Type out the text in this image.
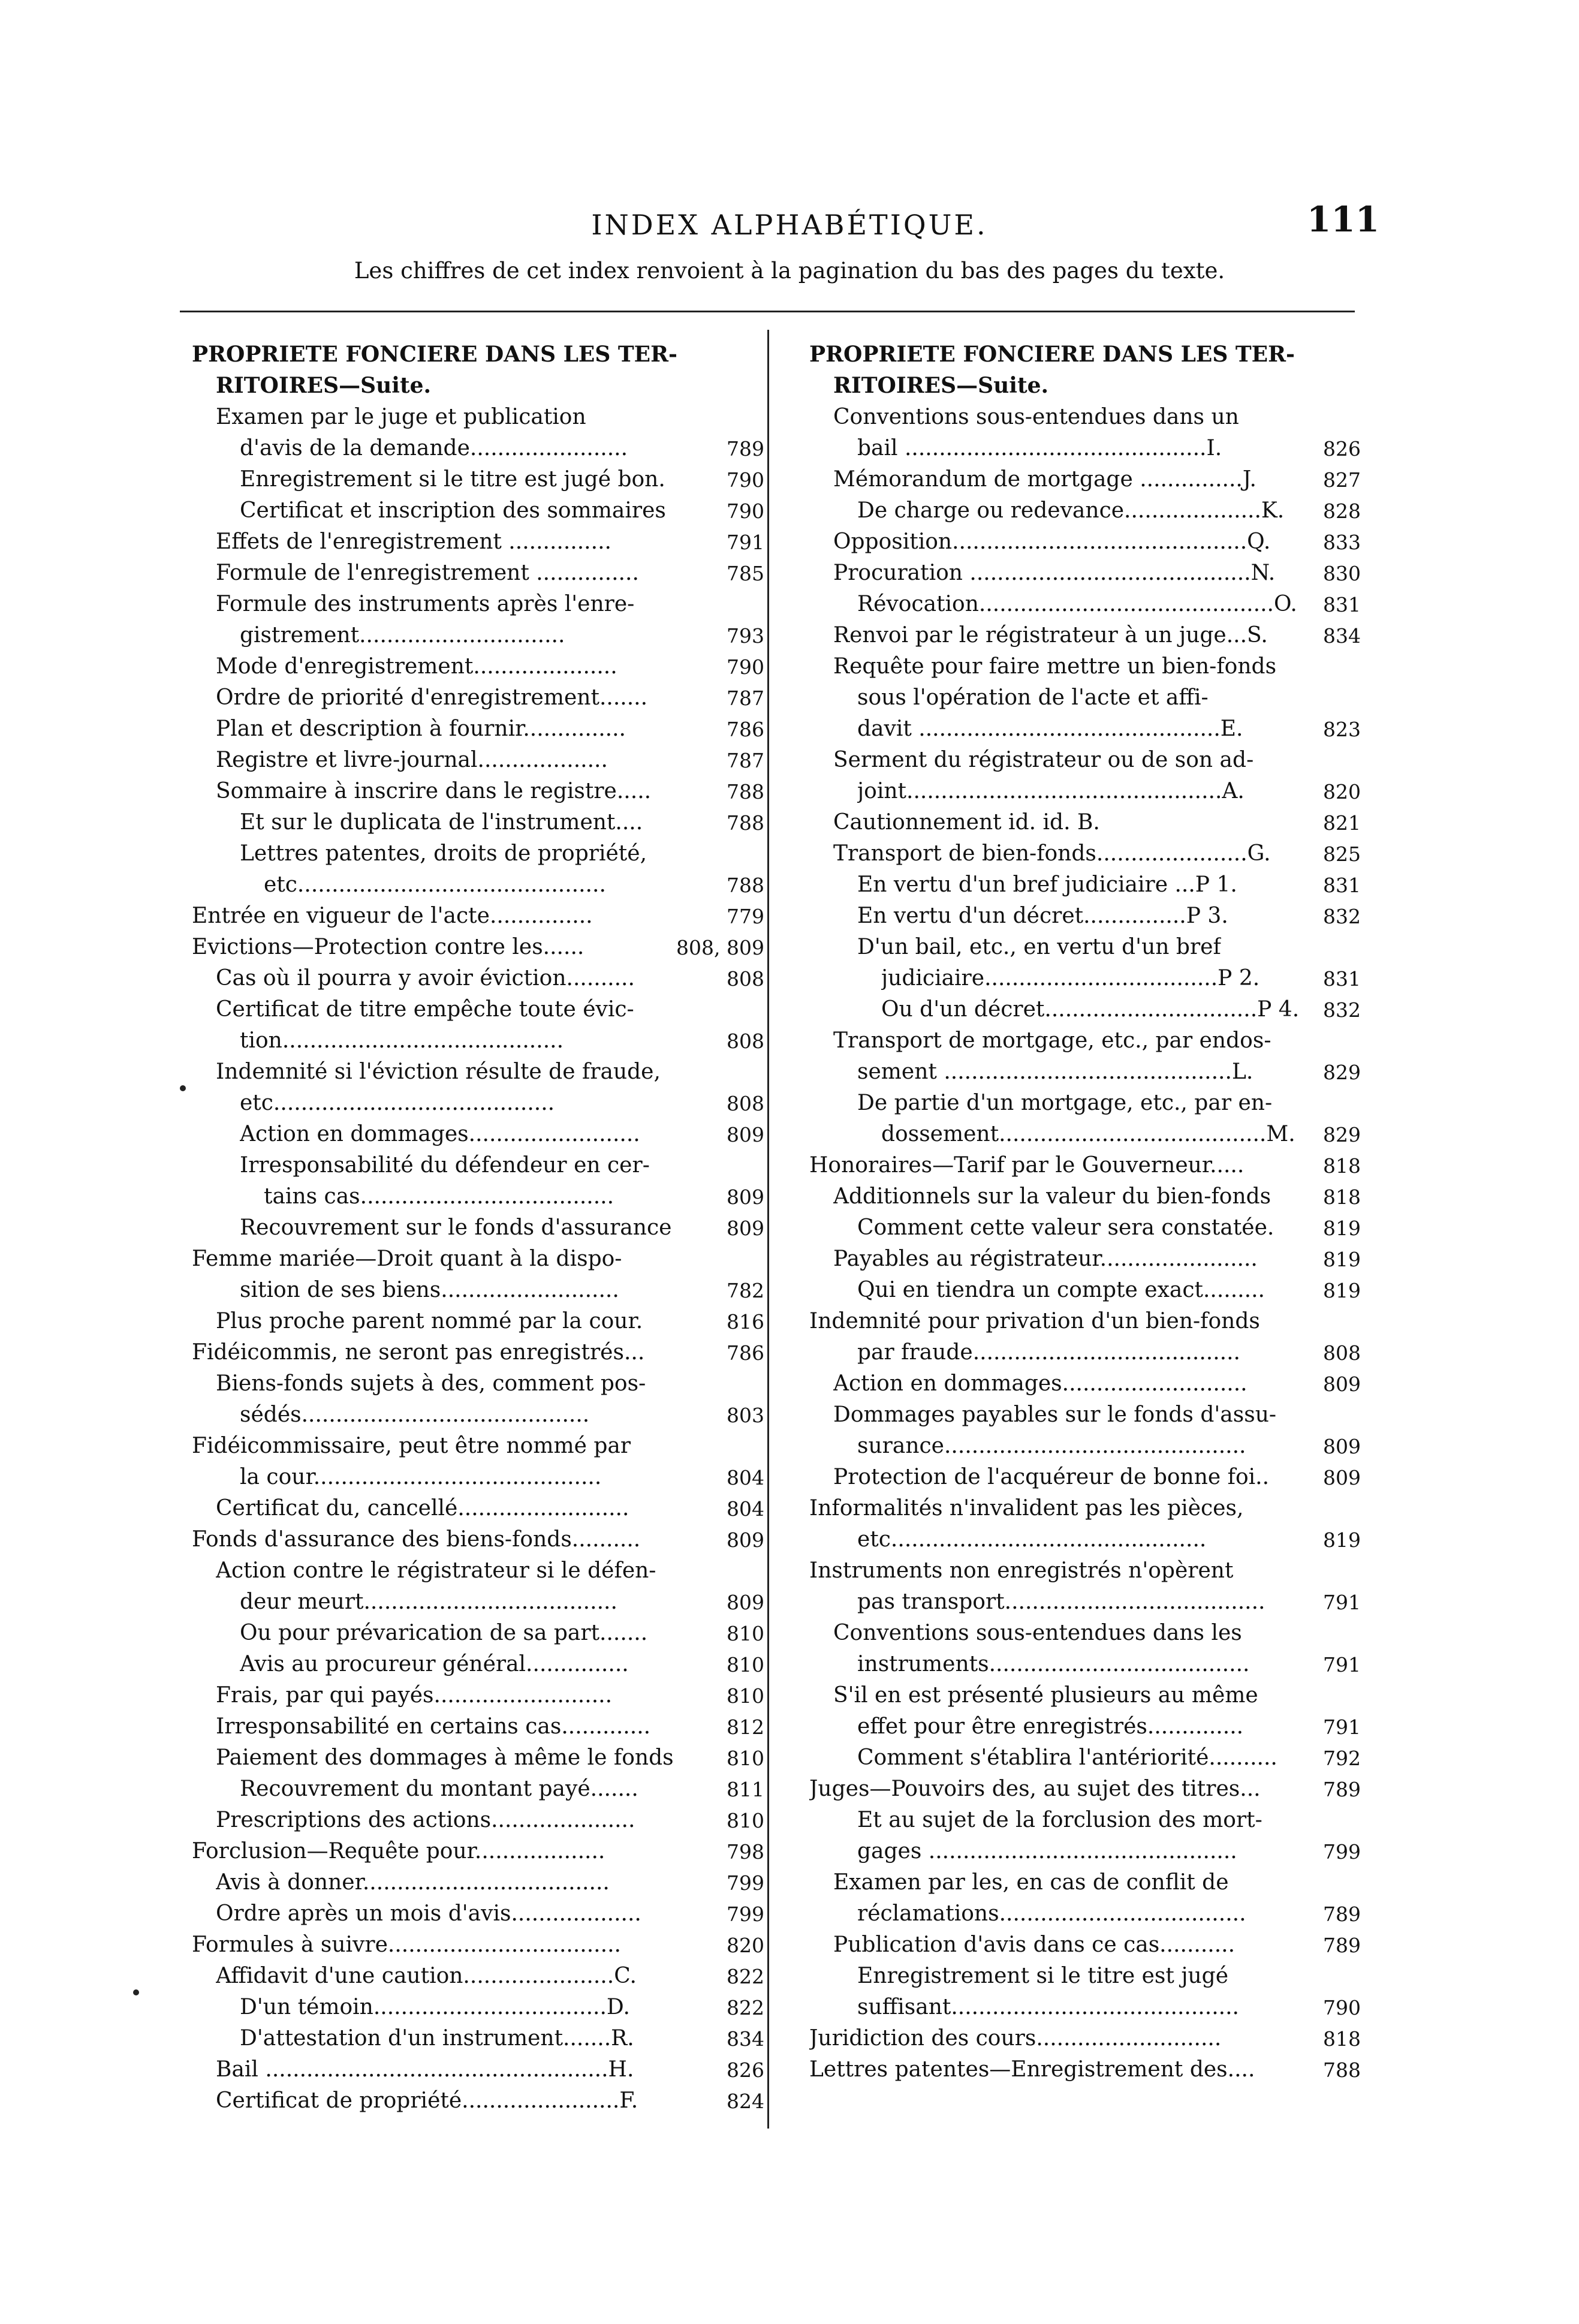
INDEX ALPHABÉTIQUE.	111
Les chiffres de cet index renvoient à la pagination du bas des pages du texte.
PROPRIETE FONCIERE DANS LES TER-
RITOIRES—Suite.
Examen par le juge et publication
d'avis de la demande.......................	789
Enregistrement si le titre est jugé bon.	790
Certificat et inscription des sommaires	790
Effets de l'enregistrement ...............	791
Formule de l'enregistrement ...............	785
Formule des instruments après l'enre-
gistrement..............................	793
Mode d'enregistrement.....................	790
Ordre de priorité d'enregistrement.......	787
Plan et description à fournir...............	786
Registre et livre-journal...................	787
Sommaire à inscrire dans le registre.....	788
Et sur le duplicata de l'instrument....	788
Lettres patentes, droits de propriété,
etc.............................................	788
Entrée en vigueur de l'acte...............	779
Evictions—Protection contre les......	808, 809
Cas où il pourra y avoir éviction..........	808
Certificat de titre empêche toute évic-
tion.........................................	808
Indemnité si l'éviction résulte de fraude,
etc.........................................	808
Action en dommages.........................	809
Irresponsabilité du défendeur en cer-
tains cas.....................................	809
Recouvrement sur le fonds d'assurance	809
Femme mariée—Droit quant à la dispo-
sition de ses biens..........................	782
Plus proche parent nommé par la cour.	816
Fidéicommis, ne seront pas enregistrés...	786
Biens-fonds sujets à des, comment pos-
sédés..........................................	803
Fidéicommissaire, peut être nommé par
la cour..........................................	804
Certificat du, cancellé.........................	804
Fonds d'assurance des biens-fonds..........	809
Action contre le régistrateur si le défen-
deur meurt.....................................	809
Ou pour prévarication de sa part.......	810
Avis au procureur général...............	810
Frais, par qui payés..........................	810
Irresponsabilité en certains cas.............	812
Paiement des dommages à même le fonds	810
Recouvrement du montant payé.......	811
Prescriptions des actions.....................	810
Forclusion—Requête pour...................	798
Avis à donner....................................	799
Ordre après un mois d'avis...................	799
Formules à suivre..................................	820
Affidavit d'une caution......................C.	822
D'un témoin..................................D.	822
D'attestation d'un instrument.......R.	834
Bail ..................................................H.	826
Certificat de propriété.......................F.	824
PROPRIETE FONCIERE DANS LES TER-
RITOIRES—Suite.
Conventions sous-entendues dans un
bail ............................................I.	826
Mémorandum de mortgage ...............J.	827
De charge ou redevance....................K.	828
Opposition...........................................Q.	833
Procuration .........................................N.	830
Révocation...........................................O.	831
Renvoi par le régistrateur à un juge...S.	834
Requête pour faire mettre un bien-fonds
sous l'opération de l'acte et affi-
davit ............................................E.	823
Serment du régistrateur ou de son ad-
joint..............................................A.	820
Cautionnement id. id. B.	821
Transport de bien-fonds......................G.	825
En vertu d'un bref judiciaire ...P 1.	831
En vertu d'un décret...............P 3.	832
D'un bail, etc., en vertu d'un bref
judiciaire..................................P 2.	831
Ou d'un décret...............................P 4.	832
Transport de mortgage, etc., par endos-
sement ..........................................L.	829
De partie d'un mortgage, etc., par en-
dossement.......................................M.	829
Honoraires—Tarif par le Gouverneur.....	818
Additionnels sur la valeur du bien-fonds	818
Comment cette valeur sera constatée.	819
Payables au régistrateur.......................	819
Qui en tiendra un compte exact.........	819
Indemnité pour privation d'un bien-fonds
par fraude.......................................	808
Action en dommages...........................	809
Dommages payables sur le fonds d'assu-
surance............................................	809
Protection de l'acquéreur de bonne foi..	809
Informalités n'invalident pas les pièces,
etc..............................................	819
Instruments non enregistrés n'opèrent
pas transport......................................	791
Conventions sous-entendues dans les
instruments......................................	791
S'il en est présenté plusieurs au même
effet pour être enregistrés..............	791
Comment s'établira l'antériorité..........	792
Juges—Pouvoirs des, au sujet des titres...	789
Et au sujet de la forclusion des mort-
gages .............................................	799
Examen par les, en cas de conflit de
réclamations....................................	789
Publication d'avis dans ce cas...........	789
Enregistrement si le titre est jugé
suffisant..........................................	790
Juridiction des cours...........................	818
Lettres patentes—Enregistrement des....	788
